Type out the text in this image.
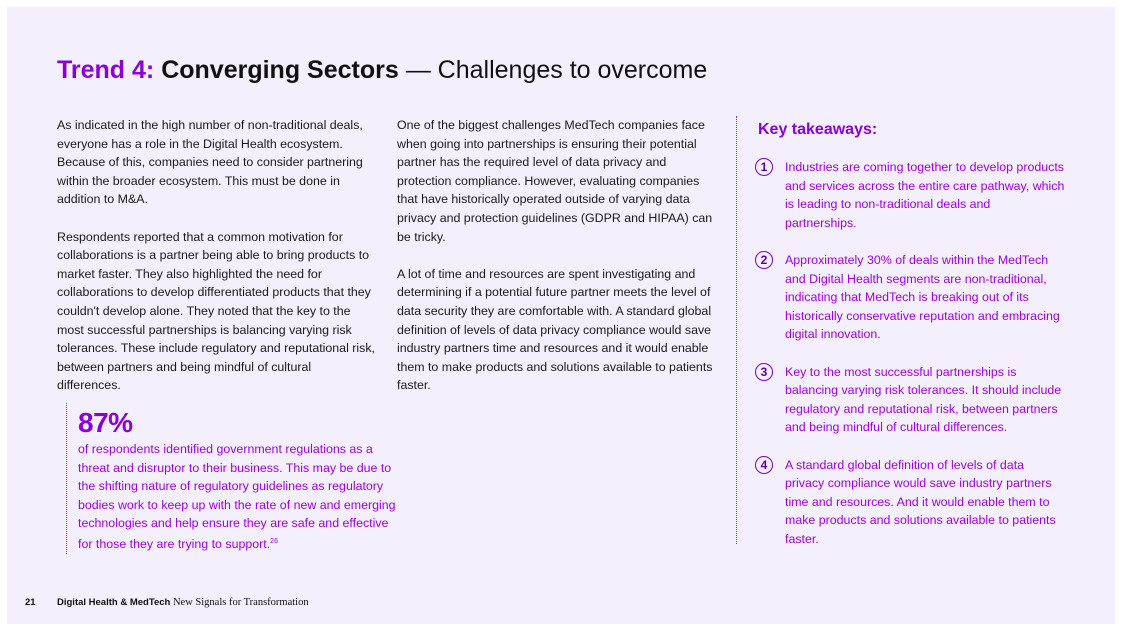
Trend 4: Converging Sectors — Challenges to overcome

As indicated in the high number of non-traditional deals, everyone has a role in the Digital Health ecosystem. Because of this, companies need to consider partnering within the broader ecosystem. This must be done in addition to M&A.

Respondents reported that a common motivation for collaborations is a partner being able to bring products to market faster. They also highlighted the need for collaborations to develop differentiated products that they couldn't develop alone. They noted that the key to the most successful partnerships is balancing varying risk tolerances. These include regulatory and reputational risk, between partners and being mindful of cultural differences.

87%
of respondents identified government regulations as a threat and disruptor to their business. This may be due to the shifting nature of regulatory guidelines as regulatory bodies work to keep up with the rate of new and emerging technologies and help ensure they are safe and effective for those they are trying to support.$^{26}$

One of the biggest challenges MedTech companies face when going into partnerships is ensuring their potential partner has the required level of data privacy and protection compliance. However, evaluating companies that have historically operated outside of varying data privacy and protection guidelines (GDPR and HIPAA) can be tricky.

A lot of time and resources are spent investigating and determining if a potential future partner meets the level of data security they are comfortable with. A standard global definition of levels of data privacy compliance would save industry partners time and resources and it would enable them to make products and solutions available to patients faster.

Key takeaways:
1	Industries are coming together to develop products and services across the entire care pathway, which is leading to non-traditional deals and partnerships.
2	Approximately 30% of deals within the MedTech and Digital Health segments are non-traditional, indicating that MedTech is breaking out of its historically conservative reputation and embracing digital innovation.
3	Key to the most successful partnerships is balancing varying risk tolerances. It should include regulatory and reputational risk, between partners and being mindful of cultural differences.
4	A standard global definition of levels of data privacy compliance would save industry partners time and resources. And it would enable them to make products and solutions available to patients faster.
21 Digital Health & MedTech New Signals for Transformation
